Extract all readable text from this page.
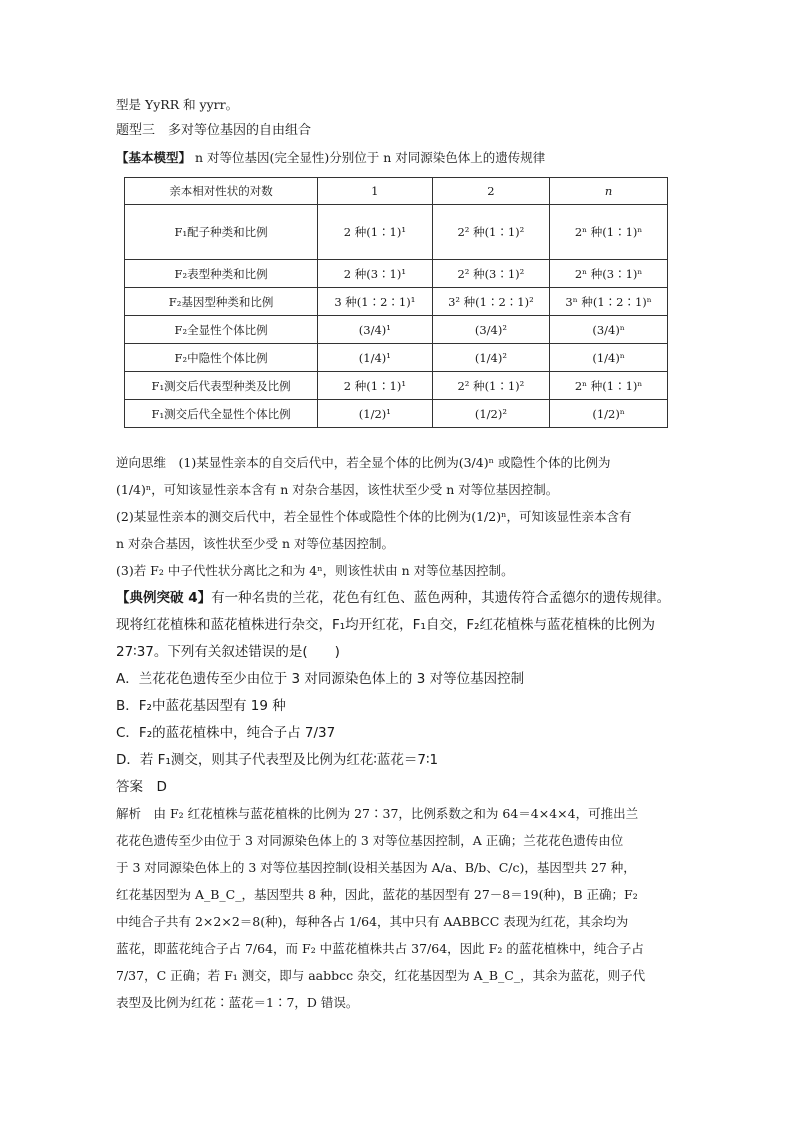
型是 YyRR 和 yyrr。
题型三　多对等位基因的自由组合
【基本模型】 n 对等位基因(完全显性)分别位于 n 对同源染色体上的遗传规律
亲本相对性状的对数	1	2	n
F₁配子种类和比例	2 种(1∶1)¹	2² 种(1∶1)²	2ⁿ 种(1∶1)ⁿ
F₂表型种类和比例	2 种(3∶1)¹	2² 种(3∶1)²	2ⁿ 种(3∶1)ⁿ
F₂基因型种类和比例	3 种(1∶2∶1)¹	3² 种(1∶2∶1)²	3ⁿ 种(1∶2∶1)ⁿ
F₂全显性个体比例	(3/4)¹	(3/4)²	(3/4)ⁿ
F₂中隐性个体比例	(1/4)¹	(1/4)²	(1/4)ⁿ
F₁测交后代表型种类及比例	2 种(1∶1)¹	2² 种(1∶1)²	2ⁿ 种(1∶1)ⁿ
F₁测交后代全显性个体比例	(1/2)¹	(1/2)²	(1/2)ⁿ
逆向思维　(1)某显性亲本的自交后代中，若全显个体的比例为(3/4)ⁿ 或隐性个体的比例为
(1/4)ⁿ，可知该显性亲本含有 n 对杂合基因，该性状至少受 n 对等位基因控制。
(2)某显性亲本的测交后代中，若全显性个体或隐性个体的比例为(1/2)ⁿ，可知该显性亲本含有
n 对杂合基因，该性状至少受 n 对等位基因控制。
(3)若 F₂ 中子代性状分离比之和为 4ⁿ，则该性状由 n 对等位基因控制。
【典例突破 4】有一种名贵的兰花，花色有红色、蓝色两种，其遗传符合孟德尔的遗传规律。
现将红花植株和蓝花植株进行杂交，F₁均开红花，F₁自交，F₂红花植株与蓝花植株的比例为
27∶37。下列有关叙述错误的是(　　)
A．兰花花色遗传至少由位于 3 对同源染色体上的 3 对等位基因控制
B．F₂中蓝花基因型有 19 种
C．F₂的蓝花植株中，纯合子占 7/37
D．若 F₁测交，则其子代表型及比例为红花∶蓝花＝7∶1
答案　D
解析　由 F₂ 红花植株与蓝花植株的比例为 27∶37，比例系数之和为 64＝4×4×4，可推出兰
花花色遗传至少由位于 3 对同源染色体上的 3 对等位基因控制，A 正确；兰花花色遗传由位
于 3 对同源染色体上的 3 对等位基因控制(设相关基因为 A/a、B/b、C/c)，基因型共 27 种，
红花基因型为 A_B_C_，基因型共 8 种，因此，蓝花的基因型有 27－8＝19(种)，B 正确；F₂
中纯合子共有 2×2×2＝8(种)，每种各占 1/64，其中只有 AABBCC 表现为红花，其余均为
蓝花，即蓝花纯合子占 7/64，而 F₂ 中蓝花植株共占 37/64，因此 F₂ 的蓝花植株中，纯合子占
7/37，C 正确；若 F₁ 测交，即与 aabbcc 杂交，红花基因型为 A_B_C_，其余为蓝花，则子代
表型及比例为红花∶蓝花＝1∶7，D 错误。
